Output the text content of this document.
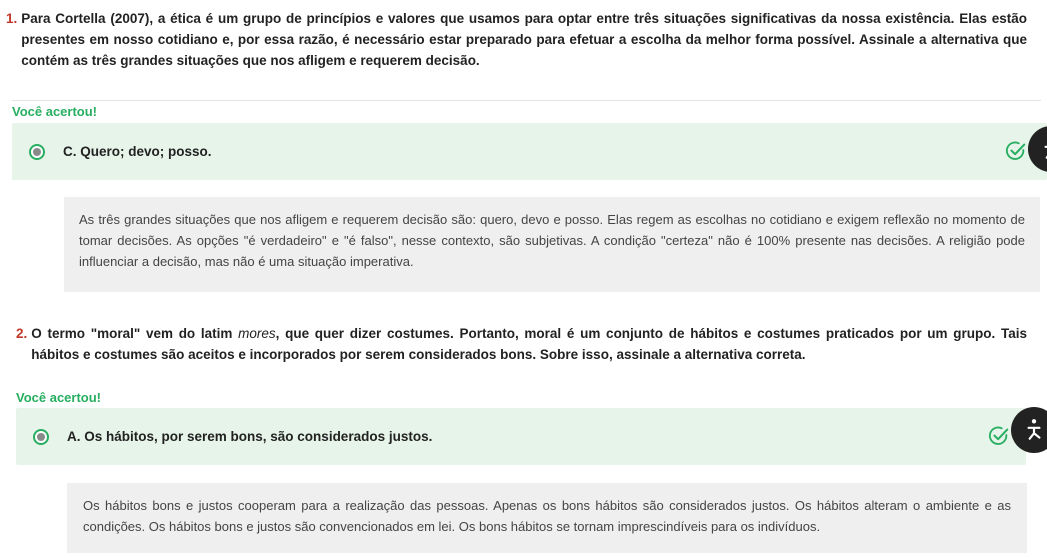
1. Para Cortella (2007), a ética é um grupo de princípios e valores que usamos para optar entre três situações significativas da nossa existência. Elas estão presentes em nosso cotidiano e, por essa razão, é necessário estar preparado para efetuar a escolha da melhor forma possível. Assinale a alternativa que contém as três grandes situações que nos afligem e requerem decisão.
Você acertou!
C. Quero; devo; posso.
As três grandes situações que nos afligem e requerem decisão são: quero, devo e posso. Elas regem as escolhas no cotidiano e exigem reflexão no momento de tomar decisões. As opções "é verdadeiro" e "é falso", nesse contexto, são subjetivas. A condição "certeza" não é 100% presente nas decisões. A religião pode influenciar a decisão, mas não é uma situação imperativa.
2. O termo "moral" vem do latim mores, que quer dizer costumes. Portanto, moral é um conjunto de hábitos e costumes praticados por um grupo. Tais hábitos e costumes são aceitos e incorporados por serem considerados bons. Sobre isso, assinale a alternativa correta.
Você acertou!
A. Os hábitos, por serem bons, são considerados justos.
Os hábitos bons e justos cooperam para a realização das pessoas. Apenas os bons hábitos são considerados justos. Os hábitos alteram o ambiente e as condições. Os hábitos bons e justos são convencionados em lei. Os bons hábitos se tornam imprescindíveis para os indivíduos.
